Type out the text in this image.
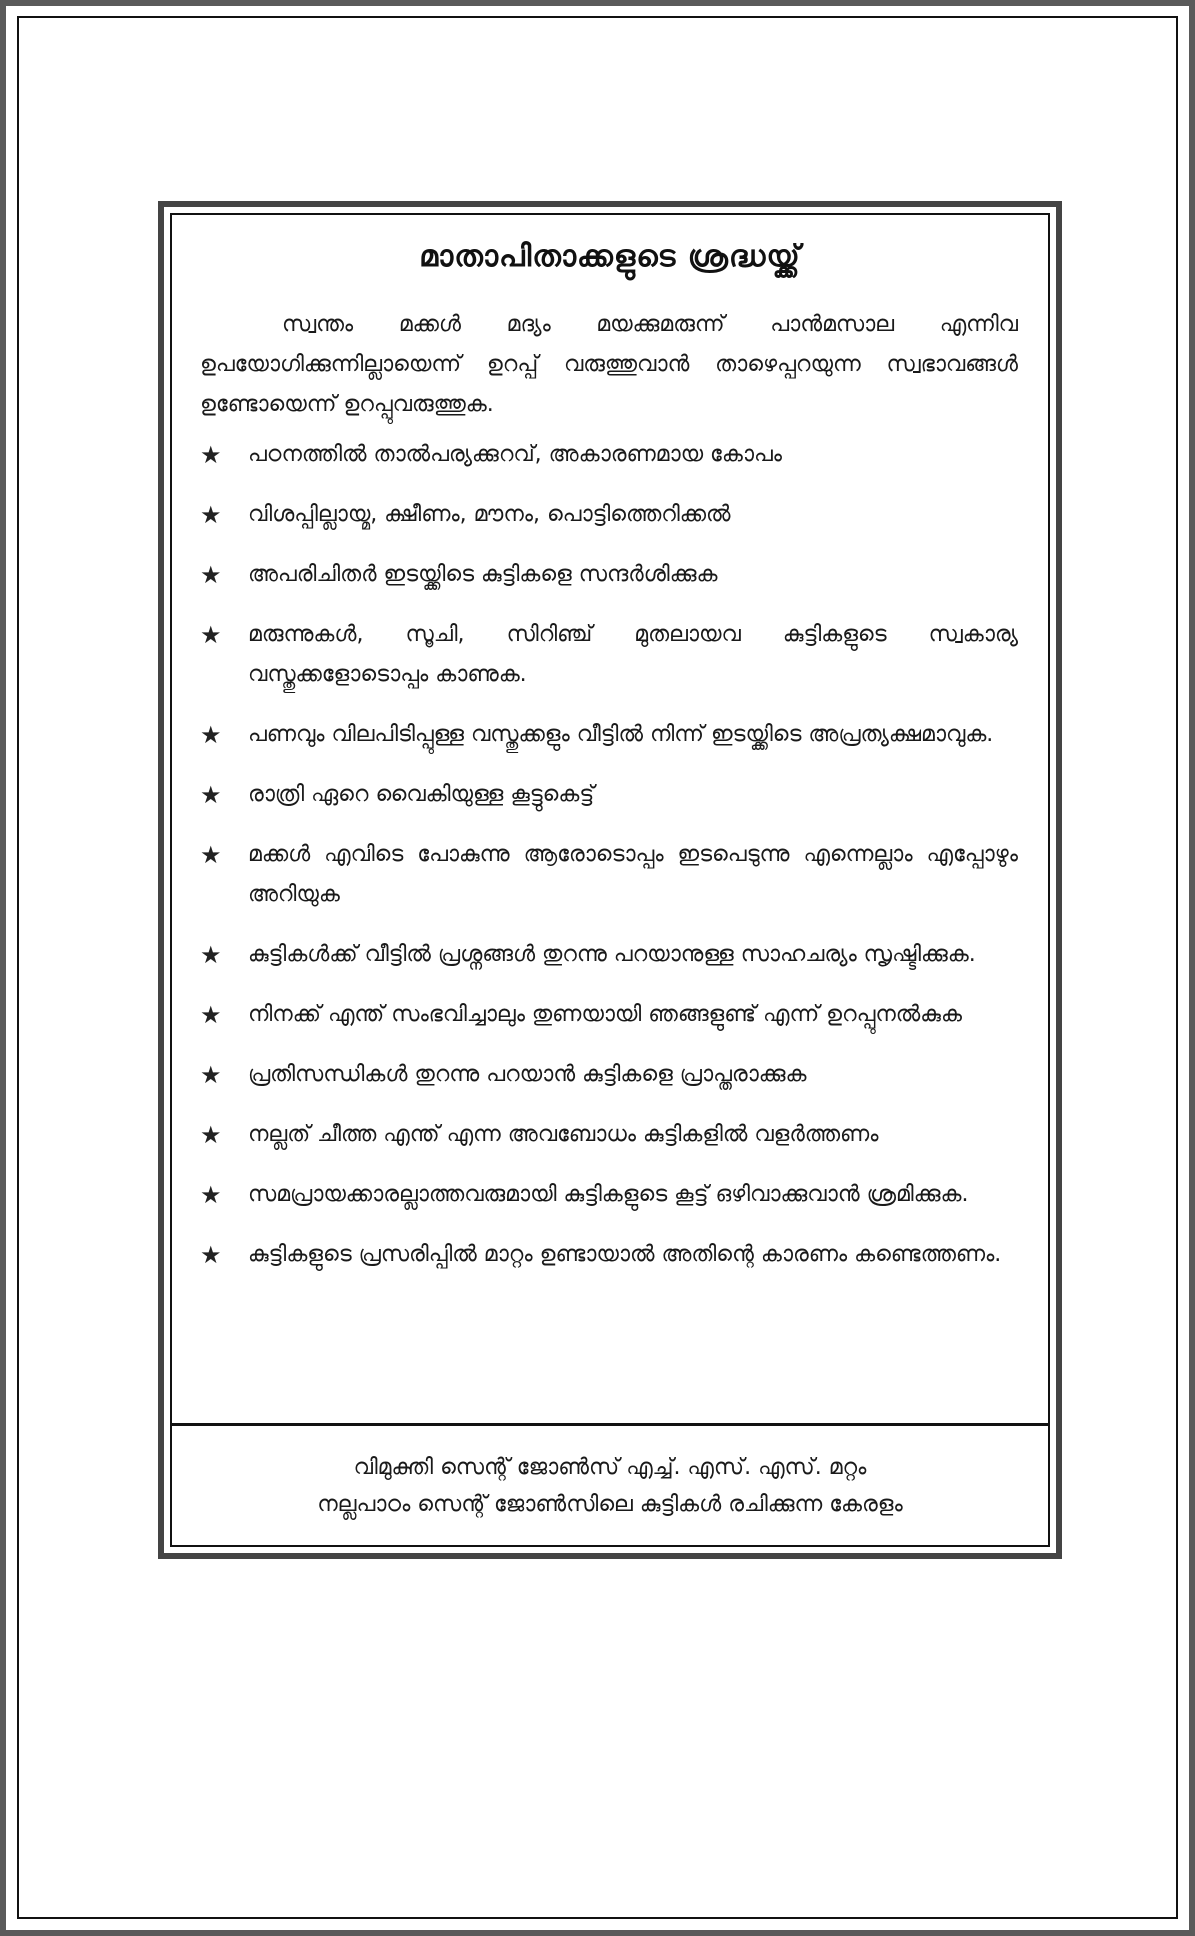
മാതാപിതാക്കളുടെ ശ്രദ്ധയ്ക്ക്
സ്വന്തം മക്കൾ മദ്യം മയക്കുമരുന്ന് പാൻമസാല എന്നിവ ഉപയോഗിക്കുന്നില്ലായെന്ന് ഉറപ്പ് വരുത്തുവാൻ താഴെപ്പറയുന്ന സ്വഭാവങ്ങൾ ഉണ്ടോയെന്ന് ഉറപ്പുവരുത്തുക.
★ പഠനത്തിൽ താൽപര്യക്കുറവ്, അകാരണമായ കോപം
★ വിശപ്പില്ലായ്മ, ക്ഷീണം, മൗനം, പൊട്ടിത്തെറിക്കൽ
★ അപരിചിതർ ഇടയ്ക്കിടെ കുട്ടികളെ സന്ദർശിക്കുക
★ മരുന്നുകൾ, സൂചി, സിറിഞ്ച് മുതലായവ കുട്ടികളുടെ സ്വകാര്യ വസ്തുക്കളോടൊപ്പം കാണുക.
★ പണവും വിലപിടിപ്പുള്ള വസ്തുക്കളും വീട്ടിൽ നിന്ന് ഇടയ്ക്കിടെ അപ്രത്യക്ഷമാവുക.
★ രാത്രി ഏറെ വൈകിയുള്ള കൂട്ടുകെട്ട്
★ മക്കൾ എവിടെ പോകുന്നു ആരോടൊപ്പം ഇടപെടുന്നു എന്നെല്ലാം എപ്പോഴും അറിയുക
★ കുട്ടികൾക്ക് വീട്ടിൽ പ്രശ്നങ്ങൾ തുറന്നു പറയാനുള്ള സാഹചര്യം സൃഷ്ടിക്കുക.
★ നിനക്ക് എന്ത് സംഭവിച്ചാലും തുണയായി ഞങ്ങളുണ്ട് എന്ന് ഉറപ്പുനൽകുക
★ പ്രതിസന്ധികൾ തുറന്നു പറയാൻ കുട്ടികളെ പ്രാപ്തരാക്കുക
★ നല്ലത് ചീത്ത എന്ത് എന്ന അവബോധം കുട്ടികളിൽ വളർത്തണം
★ സമപ്രായക്കാരല്ലാത്തവരുമായി കുട്ടികളുടെ കൂട്ട് ഒഴിവാക്കുവാൻ ശ്രമിക്കുക.
★ കുട്ടികളുടെ പ്രസരിപ്പിൽ മാറ്റം ഉണ്ടായാൽ അതിന്റെ കാരണം കണ്ടെത്തണം.
വിമുക്തി സെന്റ് ജോൺസ് എച്ച്. എസ്. എസ്. മറ്റം
നല്ലപാഠം സെന്റ് ജോൺസിലെ കുട്ടികൾ രചിക്കുന്ന കേരളം
